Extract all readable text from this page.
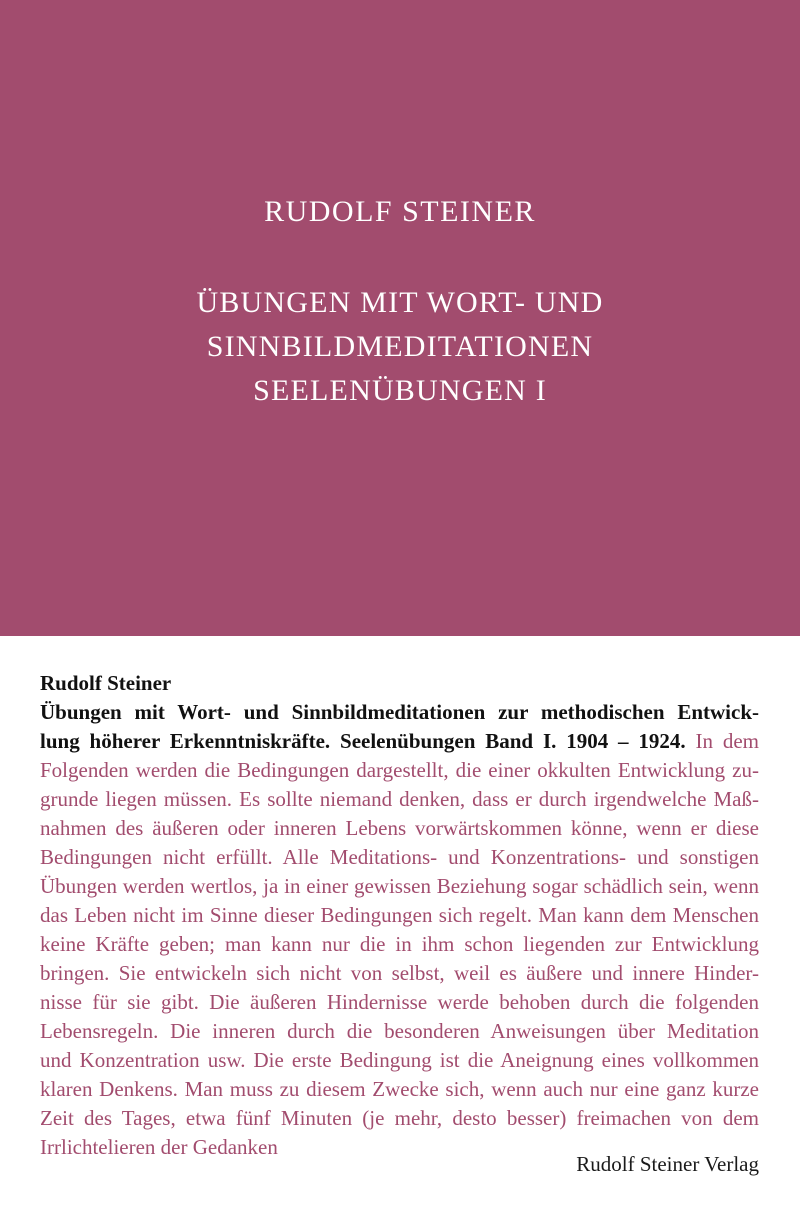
RUDOLF STEINER
ÜBUNGEN MIT WORT- UND
SINNBILDMEDITATIONEN
SEELENÜBUNGEN I
Rudolf Steiner
Übungen mit Wort- und Sinnbildmeditationen zur methodischen Entwick-
lung höherer Erkenntniskräfte. Seelenübungen Band I. 1904 – 1924. In dem
Folgenden werden die Bedingungen dargestellt, die einer okkulten Entwicklung zu-
grunde liegen müssen. Es sollte niemand denken, dass er durch irgendwelche Maß-
nahmen des äußeren oder inneren Lebens vorwärtskommen könne, wenn er diese
Bedingungen nicht erfüllt. Alle Meditations- und Konzentrations- und sonstigen
Übungen werden wertlos, ja in einer gewissen Beziehung sogar schädlich sein, wenn
das Leben nicht im Sinne dieser Bedingungen sich regelt. Man kann dem Menschen
keine Kräfte geben; man kann nur die in ihm schon liegenden zur Entwicklung
bringen. Sie entwickeln sich nicht von selbst, weil es äußere und innere Hinder-
nisse für sie gibt. Die äußeren Hindernisse werde behoben durch die folgenden
Lebensregeln. Die inneren durch die besonderen Anweisungen über Meditation
und Konzentration usw. Die erste Bedingung ist die Aneignung eines vollkommen
klaren Denkens. Man muss zu diesem Zwecke sich, wenn auch nur eine ganz kurze
Zeit des Tages, etwa fünf Minuten (je mehr, desto besser) freimachen von dem
Irrlichtelieren der Gedanken
Rudolf Steiner Verlag
